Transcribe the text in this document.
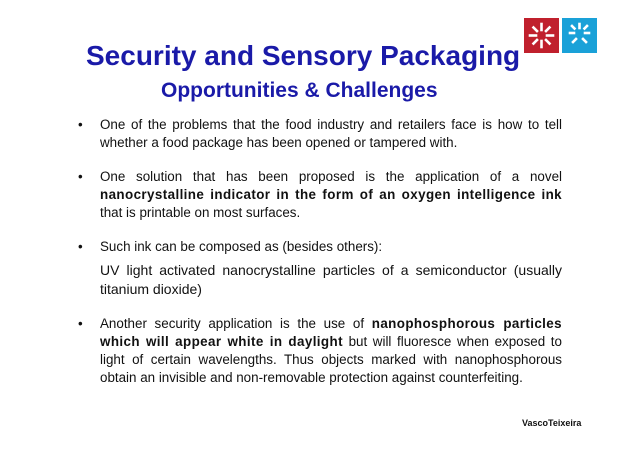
Security and Sensory Packaging
Opportunities & Challenges
• One of the problems that the food industry and retailers face is how to tell whether a food package has been opened or tampered with.
• One solution that has been proposed is the application of a novel nanocrystalline indicator in the form of an oxygen intelligence ink that is printable on most surfaces.
• Such ink can be composed as (besides others):
UV light activated nanocrystalline particles of a semiconductor (usually titanium dioxide)
• Another security application is the use of nanophosphorous particles which will appear white in daylight but will fluoresce when exposed to light of certain wavelengths. Thus objects marked with nanophosphorous obtain an invisible and non-removable protection against counterfeiting.
VascoTeixeira
